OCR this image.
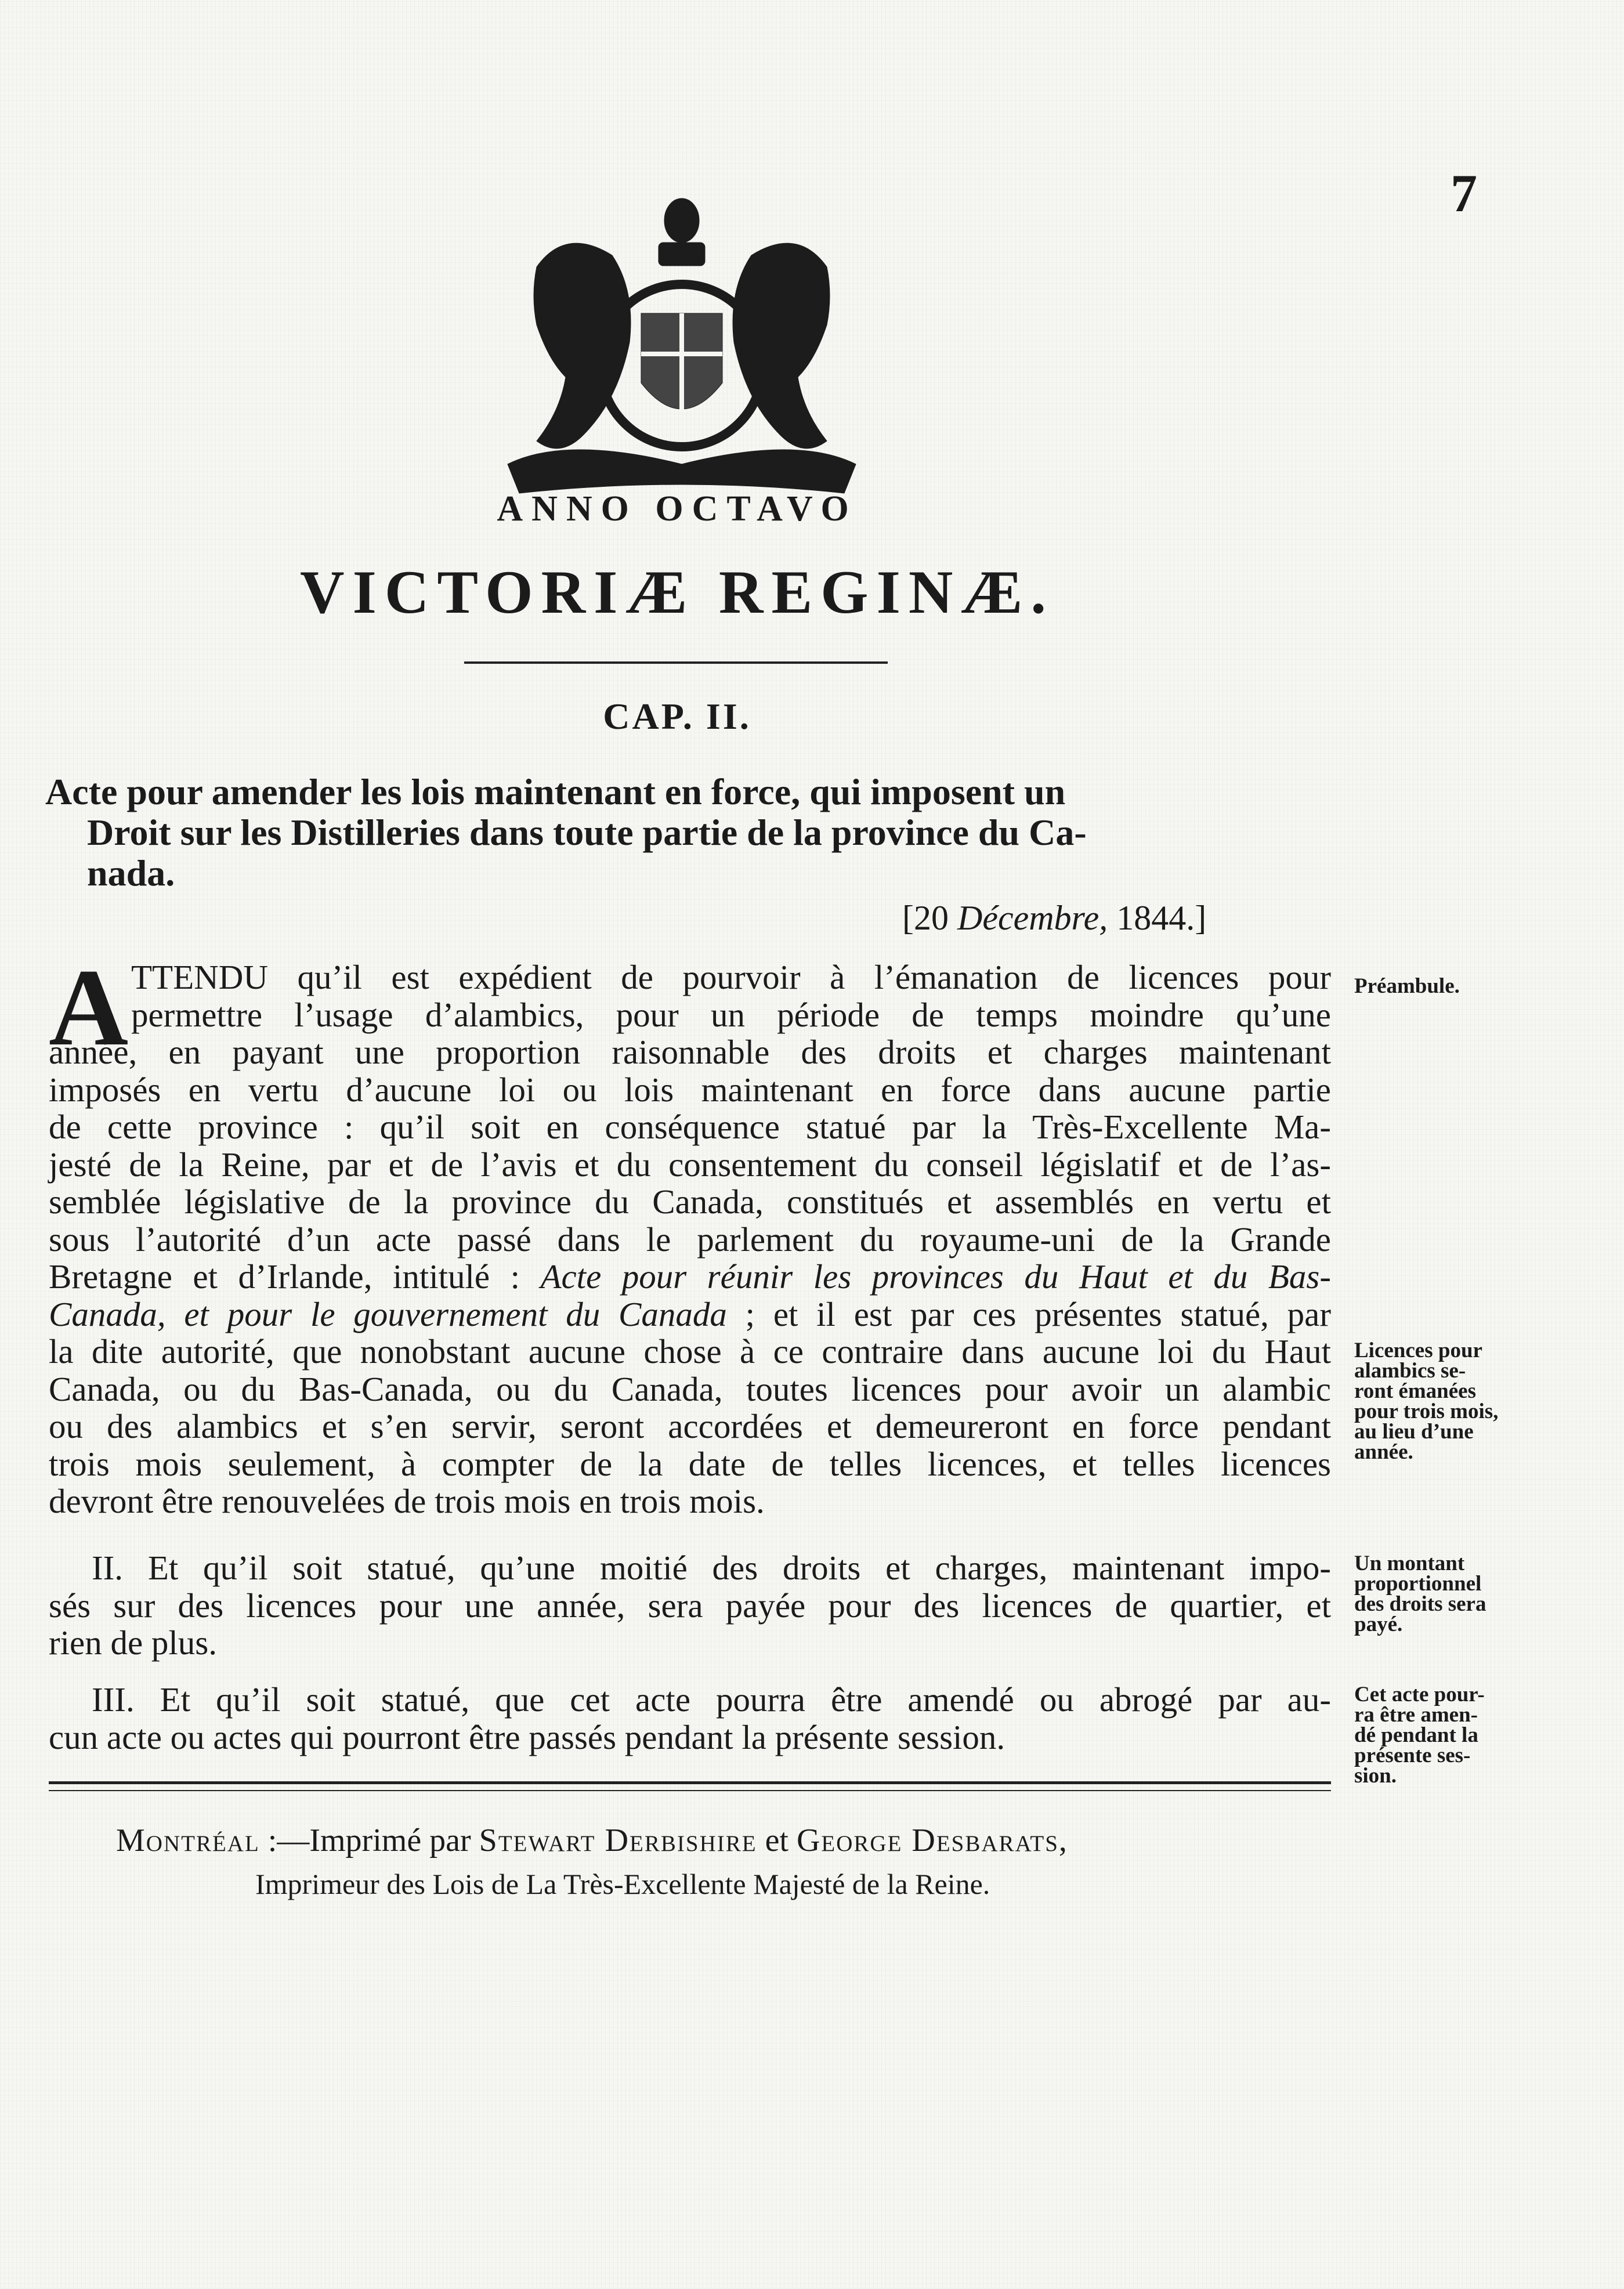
7
ANNO OCTAVO
VICTORIÆ REGINÆ.
CAP. II.
Acte pour amender les lois maintenant en force, qui imposent un
Droit sur les Distilleries dans toute partie de la province du Ca-
nada.
[20 Décembre, 1844.]
A TTENDU qu’il est expédient de pourvoir à l’émanation de licences pour
permettre l’usage d’alambics, pour un période de temps moindre qu’une
année, en payant une proportion raisonnable des droits et charges maintenant
imposés en vertu d’aucune loi ou lois maintenant en force dans aucune partie
de cette province : qu’il soit en conséquence statué par la Très-Excellente Ma-
jesté de la Reine, par et de l’avis et du consentement du conseil législatif et de l’as-
semblée législative de la province du Canada, constitués et assemblés en vertu et
sous l’autorité d’un acte passé dans le parlement du royaume-uni de la Grande
Bretagne et d’Irlande, intitulé : Acte pour réunir les provinces du Haut et du Bas-
Canada, et pour le gouvernement du Canada ; et il est par ces présentes statué, par
la dite autorité, que nonobstant aucune chose à ce contraire dans aucune loi du Haut
Canada, ou du Bas-Canada, ou du Canada, toutes licences pour avoir un alambic
ou des alambics et s’en servir, seront accordées et demeureront en force pendant
trois mois seulement, à compter de la date de telles licences, et telles licences
devront être renouvelées de trois mois en trois mois.
II. Et qu’il soit statué, qu’une moitié des droits et charges, maintenant impo-
sés sur des licences pour une année, sera payée pour des licences de quartier, et
rien de plus.
III. Et qu’il soit statué, que cet acte pourra être amendé ou abrogé par au-
cun acte ou actes qui pourront être passés pendant la présente session.
Préambule.
Licences pour
alambics se-
ront émanées
pour trois mois,
au lieu d’une
année.
Un montant
proportionnel
des droits sera
payé.
Cet acte pour-
ra être amen-
dé pendant la
présente ses-
sion.
Montréal :—Imprimé par Stewart Derbishire et George Desbarats,
Imprimeur des Lois de La Très-Excellente Majesté de la Reine.
